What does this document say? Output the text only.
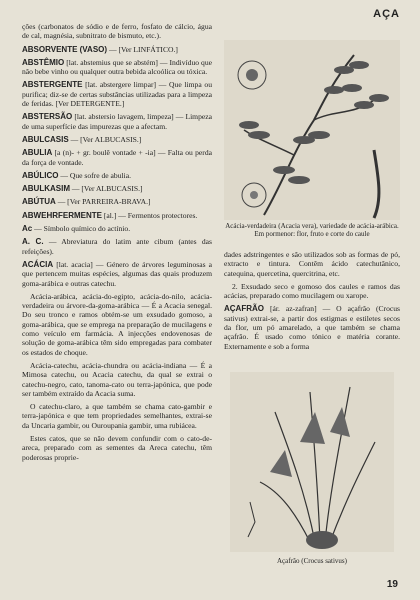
AÇA

ções (carbonatos de sódio e de ferro, fosfato de cálcio, água de cal, magnésia, subnitrato de bismuto, etc.).

ABSORVENTE (VASO) — [Ver LINFÁTICO.]

ABSTÊMIO [lat. abstemius que se abstém] — Indivíduo que não bebe vinho ou qualquer outra bebida alcoólica ou tóxica.

ABSTERGENTE [lat. abstergere limpar] — Que limpa ou purifica; diz-se de certas substâncias utilizadas para a limpeza de feridas. [Ver DETERGENTE.]

ABSTERSÃO [lat. abstersio lavagem, limpeza] — Limpeza de uma superfície das impurezas que a afectam.

ABULCASIS — [Ver ALBUCASIS.]

ABULIA [a (n)- + gr. boulê vontade + -ia] — Falta ou perda da força de vontade.

ABÚLICO — Que sofre de abulia.

ABULKASIM — [Ver ALBUCASIS.]

ABÚTUA — [Ver PARREIRA-BRAVA.]

ABWEHRFERMENTE [al.] — Fermentos protectores.

Ac — Símbolo químico do actínio.

A. C. — Abreviatura do latim ante cibum (antes das refeições).

ACÁCIA [lat. acacia] — Género de árvores leguminosas a que pertencem muitas espécies, algumas das quais produzem goma-arábica e outras catechu.

Acácia-arábica, acácia-do-egipto, acácia-do-nilo, acácia-verdadeira ou árvore-da-goma-arábica — É a Acacia senegal. Do seu tronco e ramos obtém-se um exsudado gomoso, a goma-arábica, que se emprega na preparação de mucilagens e como veículo em farmácia. A injecções endovenosas de solução de goma-arábica têm sido empregadas para combater os estados de choque.

Acácia-catechu, acácia-chundra ou acácia-indiana — É a Mimosa catechu, ou Acacia catechu, da qual se extrai o catechu-negro, cato, tanoma-cato ou terra-japónica, que pode ser também extraído da Acacia suma.

O catechu-claro, a que também se chama cato-gambir e terra-japónica e que tem propriedades semelhantes, extrai-se da Uncaria gambir, ou Ouroupania gambir, uma rubiácea.

Estes catos, que se não devem confundir com o cato-de-areca, preparado com as sementes da Areca catechu, têm poderosas proprie-

Acácia-verdadeira (Acacia vera), variedade de acácia-arábica. Em pormenor: flor, fruto e corte do caule

dades adstringentes e são utilizados sob as formas de pó, extracto e tintura. Contêm ácido catechutânico, catequina, quercetina, quercitrina, etc.

2. Exsudado seco e gomoso dos caules e ramos das acácias, preparado como mucilagem ou xarope.

AÇAFRÃO [ár. az-zafran] — O açafrão (Crocus sativus) extrai-se, a partir dos estigmas e estiletes secos da flor, um pó amarelado, a que também se chama açafrão. É usado como tónico e matéria corante. Externamente e sob a forma

Açafrão (Crocus sativus)
19
